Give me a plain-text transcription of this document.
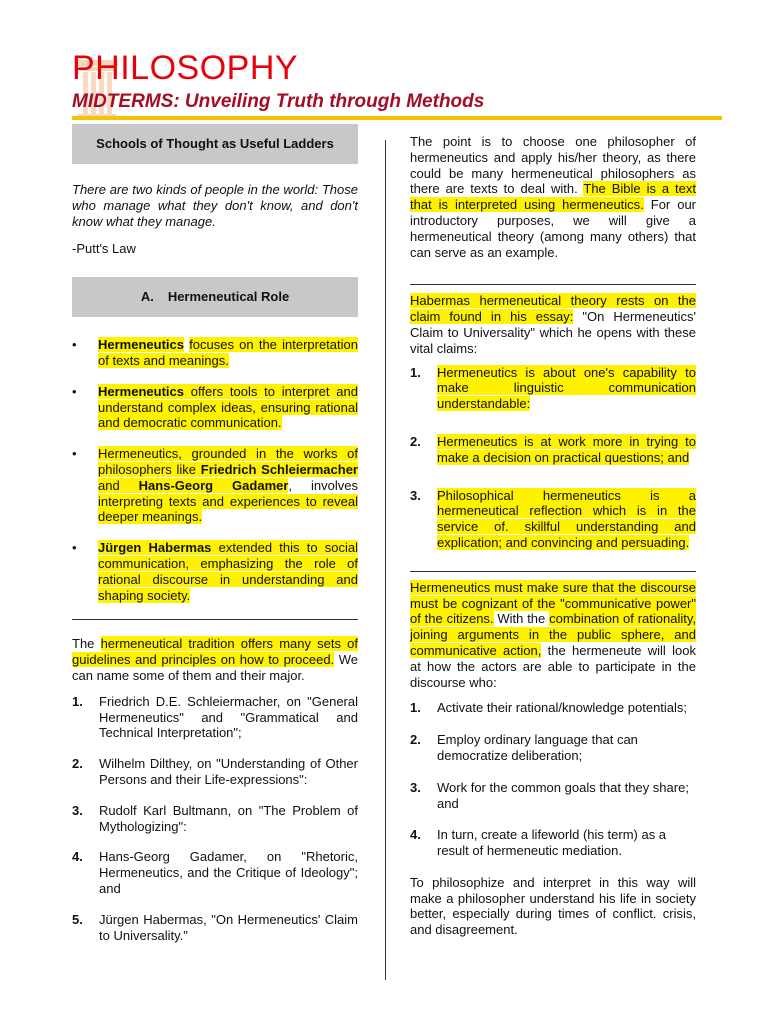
PHILOSOPHY
MIDTERMS: Unveiling Truth through Methods
Schools of Thought as Useful Ladders

There are two kinds of people in the world: Those who manage what they don't know, and don't know what they manage.

-Putt's Law

A. Hermeneutical Role
• Hermeneutics focuses on the interpretation of texts and meanings.
• Hermeneutics offers tools to interpret and understand complex ideas, ensuring rational and democratic communication.
• Hermeneutics, grounded in the works of philosophers like Friedrich Schleiermacher and Hans-Georg Gadamer, involves interpreting texts and experiences to reveal deeper meanings.
• Jürgen Habermas extended this to social communication, emphasizing the role of rational discourse in understanding and shaping society.

The hermeneutical tradition offers many sets of guidelines and principles on how to proceed. We can name some of them and their major.

1. Friedrich D.E. Schleiermacher, on "General Hermeneutics" and "Grammatical and Technical Interpretation";
2. Wilhelm Dilthey, on "Understanding of Other Persons and their Life-expressions":
3. Rudolf Karl Bultmann, on "The Problem of Mythologizing":
4. Hans-Georg Gadamer, on "Rhetoric, Hermeneutics, and the Critique of Ideology"; and
5. Jürgen Habermas, "On Hermeneutics' Claim to Universality."

The point is to choose one philosopher of hermeneutics and apply his/her theory, as there could be many hermeneutical philosophers as there are texts to deal with. The Bible is a text that is interpreted using hermeneutics. For our introductory purposes, we will give a hermeneutical theory (among many others) that can serve as an example.

Habermas hermeneutical theory rests on the claim found in his essay: "On Hermeneutics' Claim to Universality" which he opens with these vital claims:

1. Hermeneutics is about one's capability to make linguistic communication understandable:
2. Hermeneutics is at work more in trying to make a decision on practical questions; and
3. Philosophical hermeneutics is a hermeneutical reflection which is in the service of. skillful understanding and explication; and convincing and persuading.

Hermeneutics must make sure that the discourse must be cognizant of the "communicative power" of the citizens. With the combination of rationality, joining arguments in the public sphere, and communicative action, the hermeneute will look at how the actors are able to participate in the discourse who:

1. Activate their rational/knowledge potentials;
2. Employ ordinary language that can democratize deliberation;
3. Work for the common goals that they share; and
4. In turn, create a lifeworld (his term) as a result of hermeneutic mediation.

To philosophize and interpret in this way will make a philosopher understand his life in society better, especially during times of conflict. crisis, and disagreement.
